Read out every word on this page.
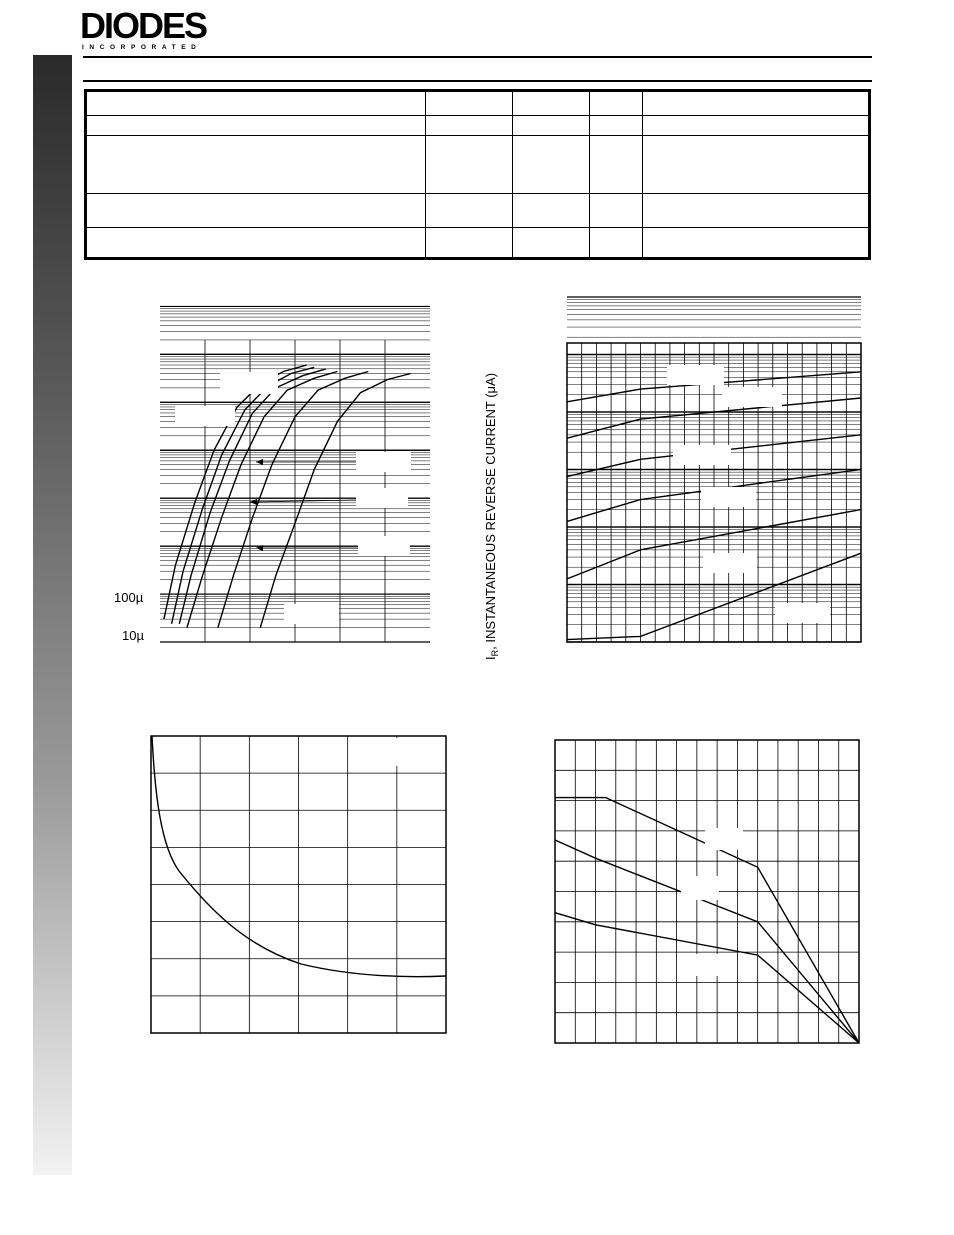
DIODES
INCORPORATED

100µ
10µ
$I_R$, INSTANTANEOUS REVERSE CURRENT (μA)
